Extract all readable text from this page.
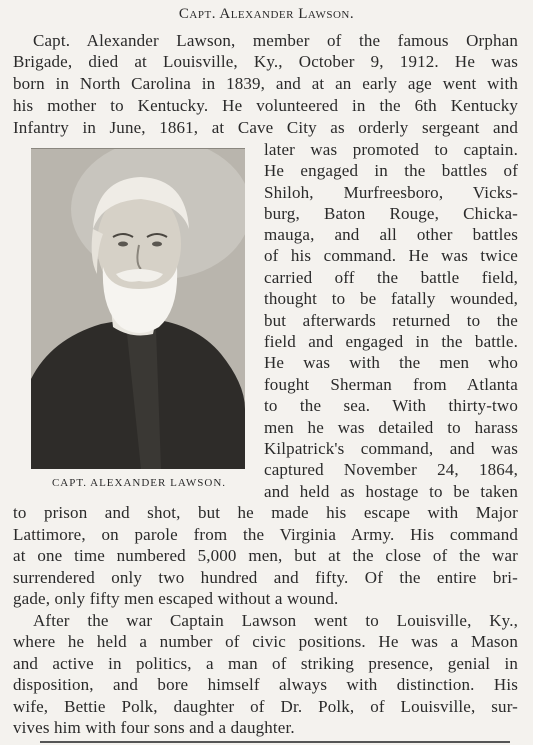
Capt. Alexander Lawson.
Capt. Alexander Lawson, member of the famous Orphan
Brigade, died at Louisville, Ky., October 9, 1912. He was
born in North Carolina in 1839, and at an early age went with
his mother to Kentucky. He volunteered in the 6th Kentucky
Infantry in June, 1861, at Cave City as orderly sergeant and
CAPT. ALEXANDER LAWSON.
later was promoted to captain.
He engaged in the battles of
Shiloh, Murfreesboro, Vicks-
burg, Baton Rouge, Chicka-
mauga, and all other battles
of his command. He was twice
carried off the battle field,
thought to be fatally wounded,
but afterwards returned to the
field and engaged in the battle.
He was with the men who
fought Sherman from Atlanta
to the sea. With thirty-two
men he was detailed to harass
Kilpatrick's command, and was
captured November 24, 1864,
and held as hostage to be taken
to prison and shot, but he made his escape with Major
Lattimore, on parole from the Virginia Army. His command
at one time numbered 5,000 men, but at the close of the war
surrendered only two hundred and fifty. Of the entire bri-
gade, only fifty men escaped without a wound.
After the war Captain Lawson went to Louisville, Ky.,
where he held a number of civic positions. He was a Mason
and active in politics, a man of striking presence, genial in
disposition, and bore himself always with distinction. His
wife, Bettie Polk, daughter of Dr. Polk, of Louisville, sur-
vives him with four sons and a daughter.
